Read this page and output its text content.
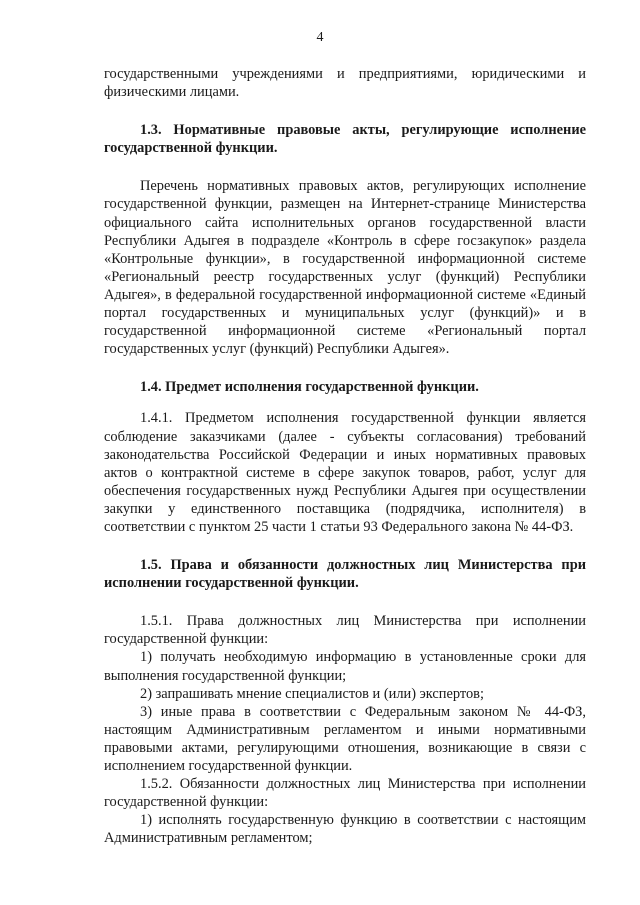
4

государственными учреждениями и предприятиями, юридическими и физическими лицами.

1.3. Нормативные правовые акты, регулирующие исполнение государственной функции.

Перечень нормативных правовых актов, регулирующих исполнение государственной функции, размещен на Интернет-странице Министерства официального сайта исполнительных органов государственной власти Республики Адыгея в подразделе «Контроль в сфере госзакупок» раздела «Контрольные функции», в государственной информационной системе «Региональный реестр государственных услуг (функций) Республики Адыгея», в федеральной государственной информационной системе «Единый портал государственных и муниципальных услуг (функций)» и в государственной информационной системе «Региональный портал государственных услуг (функций) Республики Адыгея».

1.4. Предмет исполнения государственной функции.

1.4.1. Предметом исполнения государственной функции является соблюдение заказчиками (далее - субъекты согласования) требований законодательства Российской Федерации и иных нормативных правовых актов о контрактной системе в сфере закупок товаров, работ, услуг для обеспечения государственных нужд Республики Адыгея при осуществлении закупки у единственного поставщика (подрядчика, исполнителя) в соответствии с пунктом 25 части 1 статьи 93 Федерального закона № 44-ФЗ.

1.5. Права и обязанности должностных лиц Министерства при исполнении государственной функции.

1.5.1. Права должностных лиц Министерства при исполнении государственной функции:

1) получать необходимую информацию в установленные сроки для выполнения государственной функции;

2) запрашивать мнение специалистов и (или) экспертов;

3) иные права в соответствии с Федеральным законом № 44-ФЗ, настоящим Административным регламентом и иными нормативными правовыми актами, регулирующими отношения, возникающие в связи с исполнением государственной функции.

1.5.2. Обязанности должностных лиц Министерства при исполнении государственной функции:

1) исполнять государственную функцию в соответствии с настоящим Административным регламентом;
